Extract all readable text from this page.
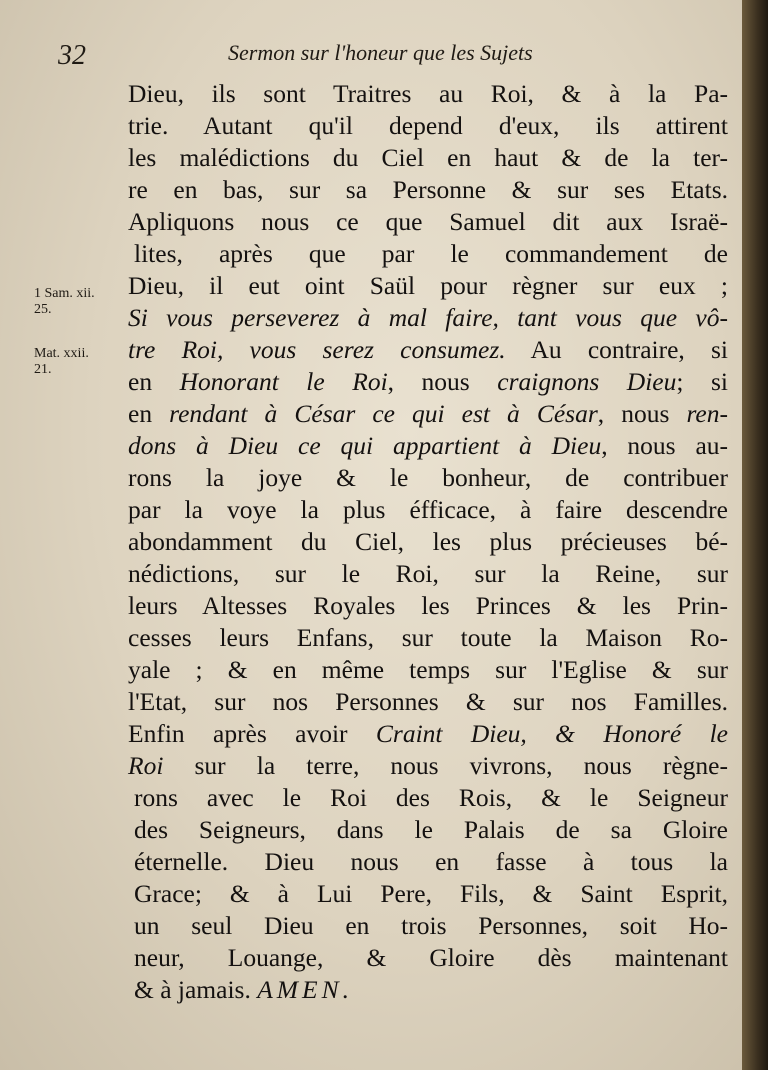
32	Sermon sur l'honeur que les Sujets
1 Sam. xii.
25.
Mat. xxii.
21.
Dieu, ils sont Traitres au Roi, & à la Pa-
trie. Autant qu'il depend d'eux, ils attirent
les malédictions du Ciel en haut & de la ter-
re en bas, sur sa Personne & sur ses Etats.
Apliquons nous ce que Samuel dit aux Israë-
lites, après que par le commandement de
Dieu, il eut oint Saül pour règner sur eux ;
Si vous perseverez à mal faire, tant vous que vô-
tre Roi, vous serez consumez. Au contraire, si
en Honorant le Roi, nous craignons Dieu; si
en rendant à César ce qui est à César, nous ren-
dons à Dieu ce qui appartient à Dieu, nous au-
rons la joye & le bonheur, de contribuer
par la voye la plus éfficace, à faire descendre
abondamment du Ciel, les plus précieuses bé-
nédictions, sur le Roi, sur la Reine, sur
leurs Altesses Royales les Princes & les Prin-
cesses leurs Enfans, sur toute la Maison Ro-
yale ; & en même temps sur l'Eglise & sur
l'Etat, sur nos Personnes & sur nos Familles.
Enfin après avoir Craint Dieu, & Honoré le
Roi sur la terre, nous vivrons, nous règne-
rons avec le Roi des Rois, & le Seigneur
des Seigneurs, dans le Palais de sa Gloire
éternelle. Dieu nous en fasse à tous la
Grace; & à Lui Pere, Fils, & Saint Esprit,
un seul Dieu en trois Personnes, soit Ho-
neur, Louange, & Gloire dès maintenant
& à jamais. AMEN.
